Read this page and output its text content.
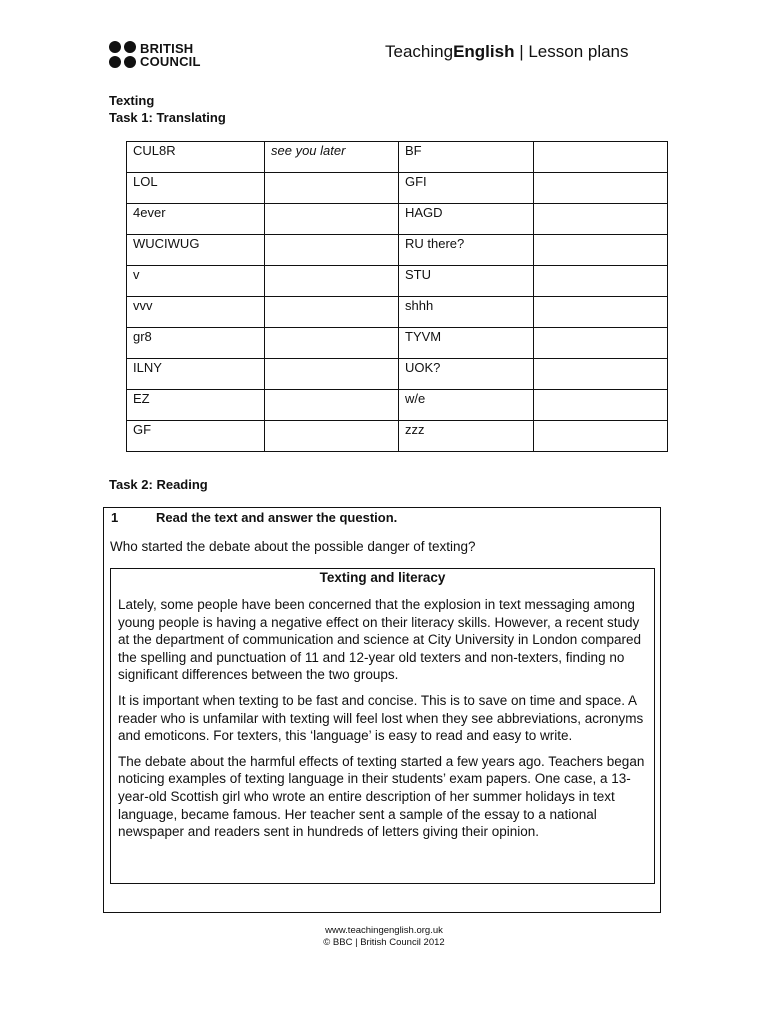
BRITISH
COUNCIL	TeachingEnglish | Lesson plans
Texting
Task 1: Translating
CUL8R	see you later	BF	
LOL		GFI	
4ever		HAGD	
WUCIWUG		RU there?	
v		STU	
vvv		shhh	
gr8		TYVM	
ILNY		UOK?	
EZ		w/e	
GF		zzz	
Task 2: Reading
1	Read the text and answer the question.
Who started the debate about the possible danger of texting?
Texting and literacy

Lately, some people have been concerned that the explosion in text messaging among young people is having a negative effect on their literacy skills. However, a recent study at the department of communication and science at City University in London compared the spelling and punctuation of 11 and 12-year old texters and non-texters, finding no significant differences between the two groups.

It is important when texting to be fast and concise. This is to save on time and space. A reader who is unfamilar with texting will feel lost when they see abbreviations, acronyms and emoticons. For texters, this ‘language’ is easy to read and easy to write.

The debate about the harmful effects of texting started a few years ago. Teachers began noticing examples of texting language in their students’ exam papers. One case, a 13-year-old Scottish girl who wrote an entire description of her summer holidays in text language, became famous. Her teacher sent a sample of the essay to a national newspaper and readers sent in hundreds of letters giving their opinion.

www.teachingenglish.org.uk
© BBC | British Council 2012
